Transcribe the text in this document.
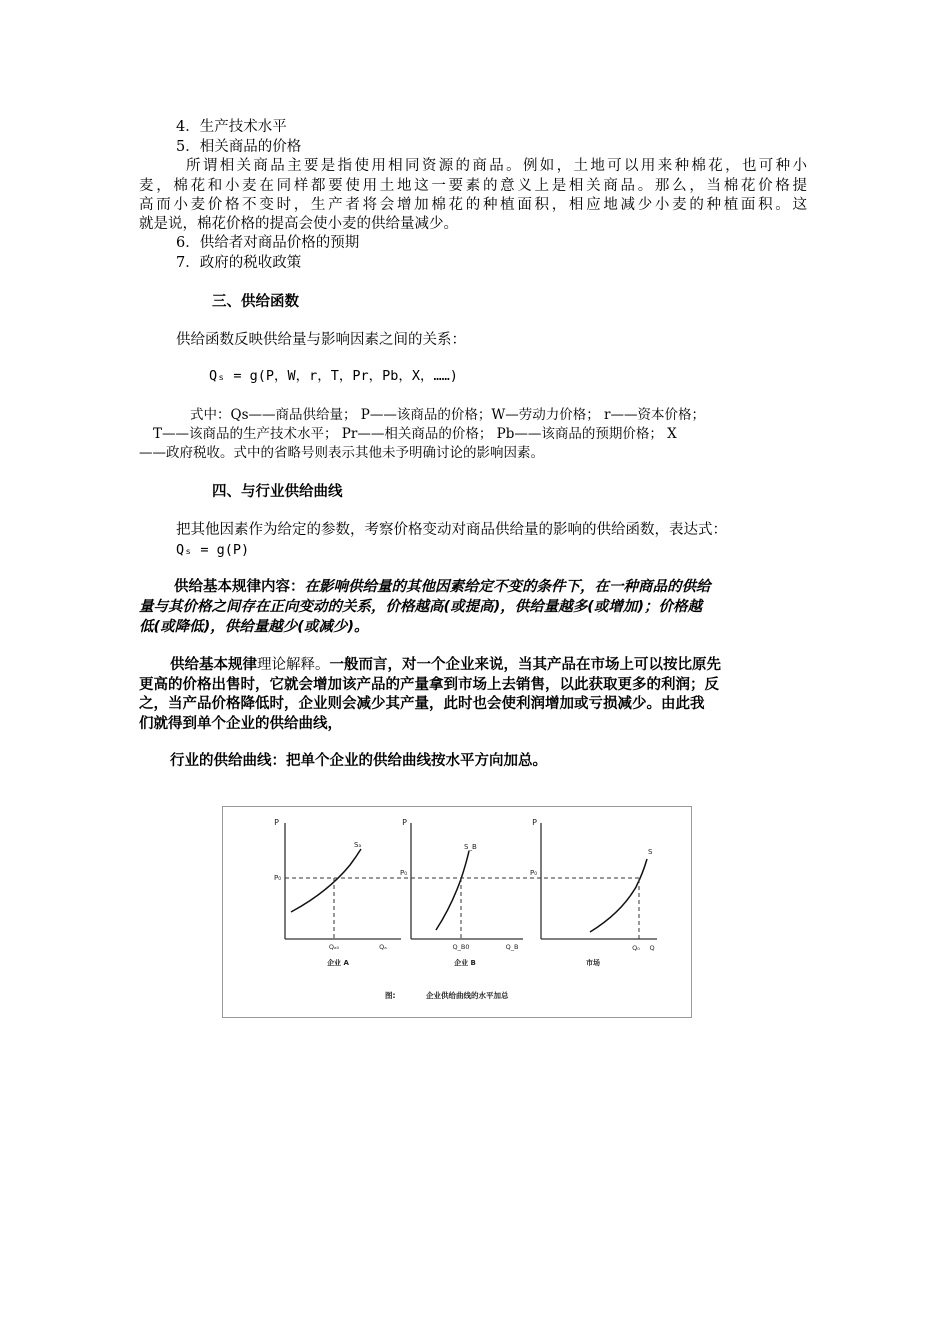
4．生产技术水平
5．相关商品的价格
所谓相关商品主要是指使用相同资源的商品。例如，土地可以用来种棉花，也可种小
麦，棉花和小麦在同样都要使用土地这一要素的意义上是相关商品。那么，当棉花价格提
高而小麦价格不变时，生产者将会增加棉花的种植面积，相应地减少小麦的种植面积。这
就是说，棉花价格的提高会使小麦的供给量减少。
6．供给者对商品价格的预期
7．政府的税收政策
三、供给函数
供给函数反映供给量与影响因素之间的关系：
Qₛ = g(P，W，r，T，Pr，Pb，X，……)
式中：Qs——商品供给量； P——该商品的价格；W—劳动力价格； r——资本价格；
T——该商品的生产技术水平； Pr——相关商品的价格； Pb——该商品的预期价格； X
——政府税收。式中的省略号则表示其他未予明确讨论的影响因素。
四、与行业供给曲线
把其他因素作为给定的参数，考察价格变动对商品供给量的影响的供给函数，表达式：
Qₛ = g(P)
供给基本规律内容：在影响供给量的其他因素给定不变的条件下，在一种商品的供给
量与其价格之间存在正向变动的关系，价格越高(或提高)，供给量越多(或增加)；价格越
低(或降低)，供给量越少(或减少)。
供给基本规律理论解释。一般而言，对一个企业来说，当其产品在市场上可以按比原先
更高的价格出售时，它就会增加该产品的产量拿到市场上去销售，以此获取更多的利润；反
之，当产品价格降低时，企业则会减少其产量，此时也会使利润增加或亏损减少。由此我
们就得到单个企业的供给曲线，
行业的供给曲线：把单个企业的供给曲线按水平方向加总。
P
P₀
Sₐ
Qₐ₀	Qₐ
企业 A
P
P₀
S_B
Q_B0	Q_B
企业 B
P
P₀
S
Q₀ Q
市场
图:	企业供给曲线的水平加总
